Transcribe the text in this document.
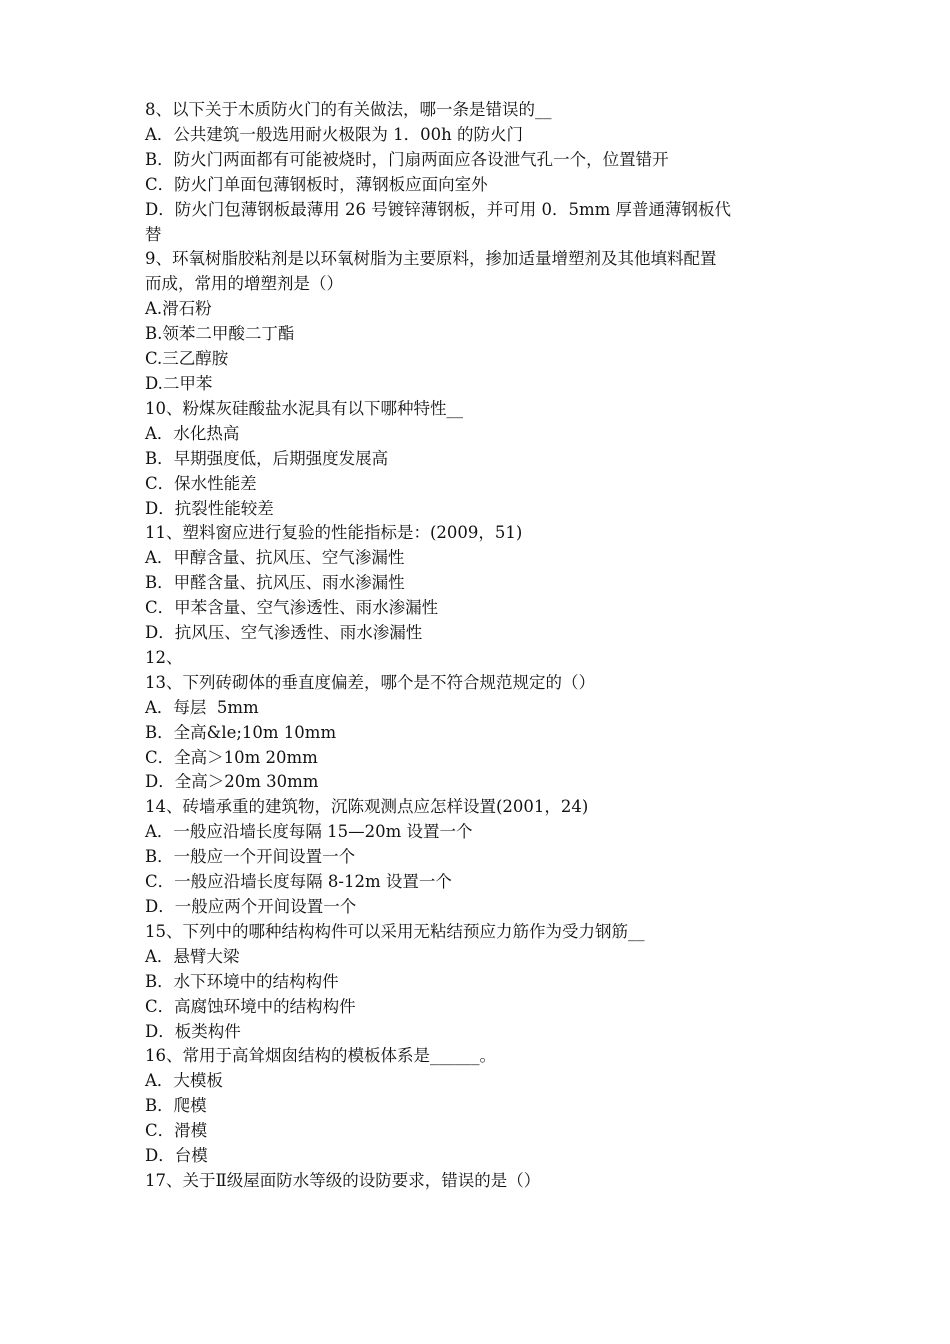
8、以下关于木质防火门的有关做法，哪一条是错误的__
A．公共建筑一般选用耐火极限为 1．00h 的防火门
B．防火门两面都有可能被烧时，门扇两面应各设泄气孔一个，位置错开
C．防火门单面包薄钢板时，薄钢板应面向室外
D．防火门包薄钢板最薄用 26 号镀锌薄钢板，并可用 0．5mm 厚普通薄钢板代
替
9、环氧树脂胶粘剂是以环氧树脂为主要原料，掺加适量增塑剂及其他填料配置
而成，常用的增塑剂是（）
A.滑石粉
B.领苯二甲酸二丁酯
C.三乙醇胺
D.二甲苯
10、粉煤灰硅酸盐水泥具有以下哪种特性__
A．水化热高
B．早期强度低，后期强度发展高
C．保水性能差
D．抗裂性能较差
11、塑料窗应进行复验的性能指标是：(2009，51)
A．甲醇含量、抗风压、空气渗漏性
B．甲醛含量、抗风压、雨水渗漏性
C．甲苯含量、空气渗透性、雨水渗漏性
D．抗风压、空气渗透性、雨水渗漏性
12、
13、下列砖砌体的垂直度偏差，哪个是不符合规范规定的（）
A．每层  5mm
B．全高&le;10m 10mm
C．全高＞10m 20mm
D．全高＞20m 30mm
14、砖墙承重的建筑物，沉陈观测点应怎样设置(2001，24)
A．一般应沿墙长度每隔 15—20m 设置一个
B．一般应一个开间设置一个
C．一般应沿墙长度每隔 8-12m 设置一个
D．一般应两个开间设置一个
15、下列中的哪种结构构件可以采用无粘结预应力筋作为受力钢筋__
A．悬臂大梁
B．水下环境中的结构构件
C．高腐蚀环境中的结构构件
D．板类构件
16、常用于高耸烟囱结构的模板体系是______。
A．大模板
B．爬模
C．滑模
D．台模
17、关于Ⅱ级屋面防水等级的设防要求，错误的是（）
